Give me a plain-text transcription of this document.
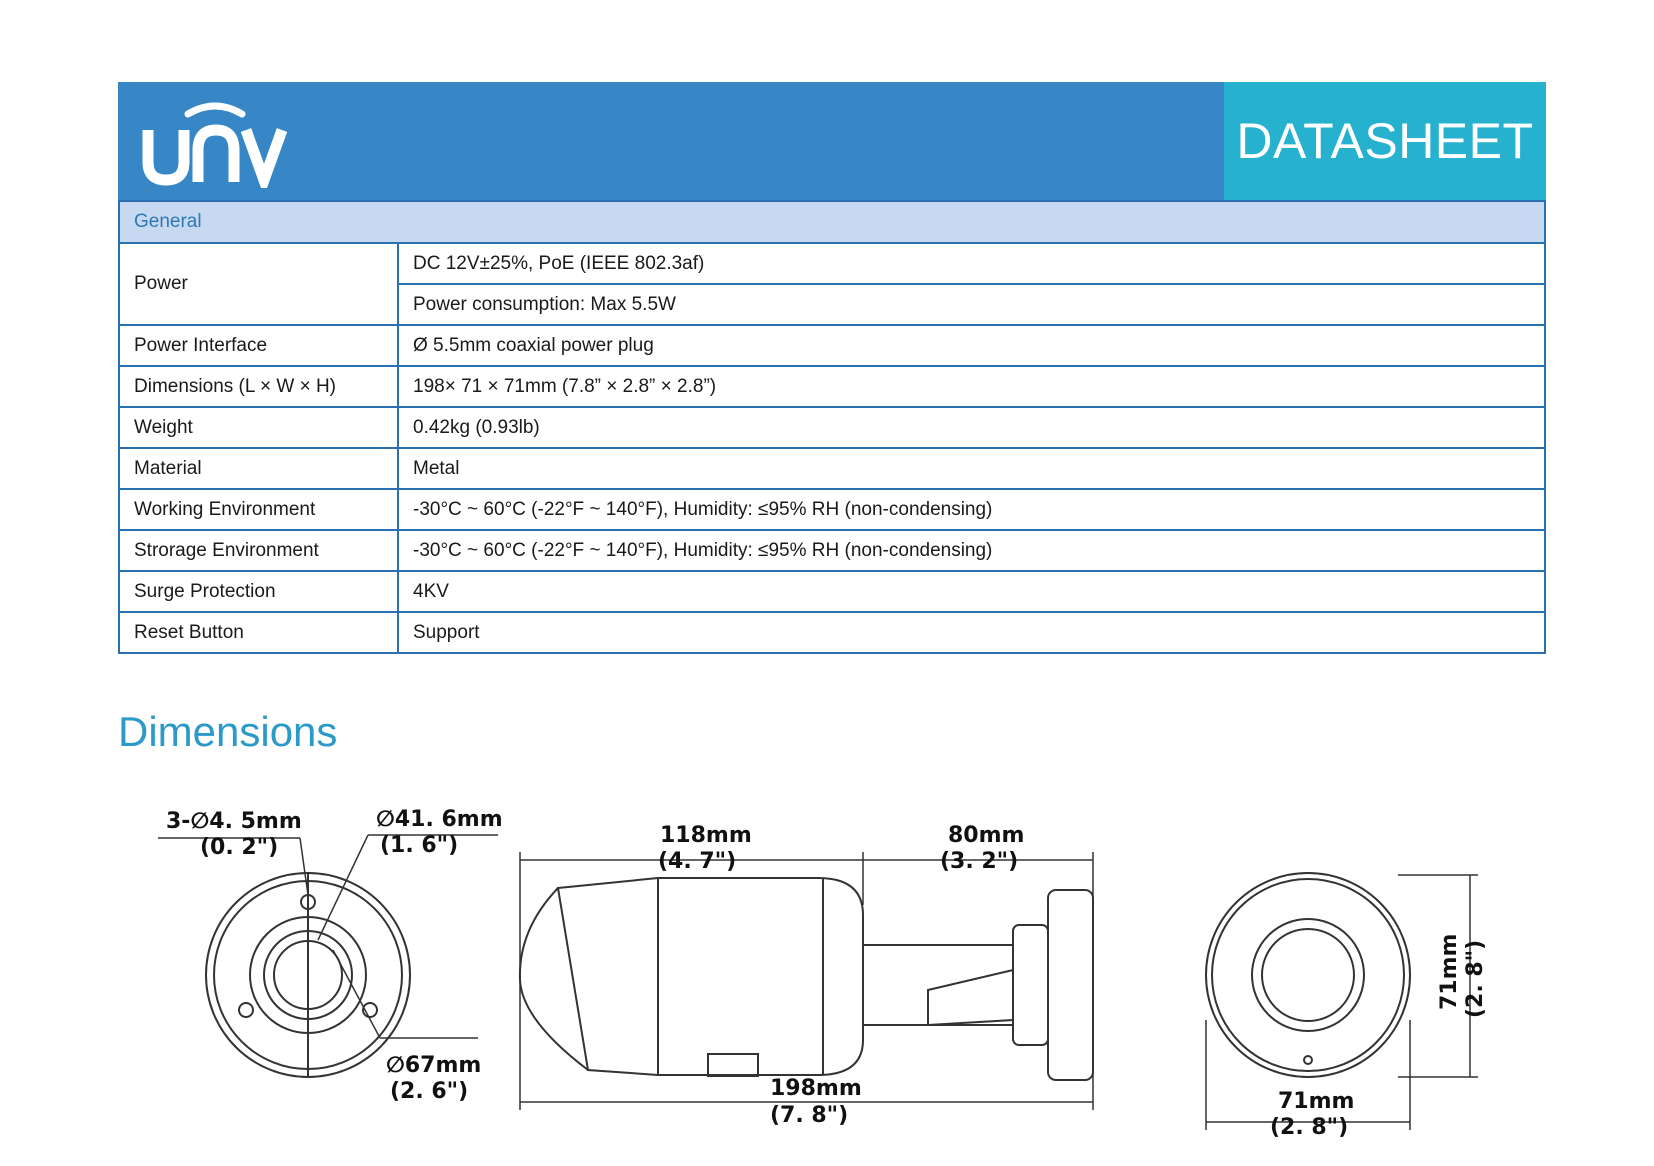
DATASHEET
General	
Power	DC 12V±25%, PoE (IEEE 802.3af)
	Power consumption: Max 5.5W
Power Interface	Ø 5.5mm coaxial power plug
Dimensions (L × W × H)	198× 71 × 71mm (7.8” × 2.8” × 2.8”)
Weight	0.42kg (0.93lb)
Material	Metal
Working Environment	-30°C ~ 60°C (-22°F ~ 140°F), Humidity: ≤95% RH (non-condensing)
Strorage Environment	-30°C ~ 60°C (-22°F ~ 140°F), Humidity: ≤95% RH (non-condensing)
Surge Protection	4KV
Reset Button	Support
Dimensions
3-∅4. 5mm
(0. 2")
∅41. 6mm
(1. 6")
∅67mm
(2. 6")
118mm
(4. 7")
80mm
(3. 2")
198mm
(7. 8")
71mm
(2. 8")
71mm (2. 8")
